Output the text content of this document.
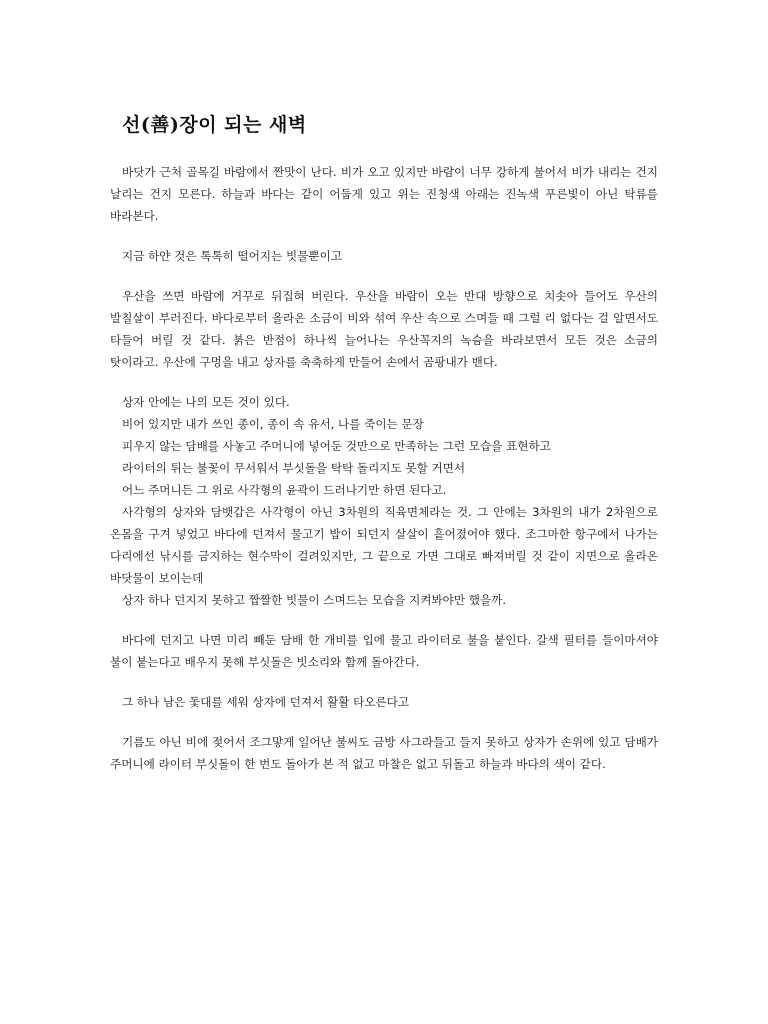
선(善)장이 되는 새벽

바닷가 근처 골목길 바람에서 짠맛이 난다. 비가 오고 있지만 바람이 너무 강하게 불어서 비가 내리는 건지 날리는 건지 모른다. 하늘과 바다는 같이 어둡게 있고 위는 진청색 아래는 진녹색 푸른빛이 아닌 탁류를 바라본다.

지금 하얀 것은 톡톡히 떨어지는 빗물뿐이고

우산을 쓰면 바람에 거꾸로 뒤집혀 버린다. 우산을 바람이 오는 반대 방향으로 치솟아 들어도 우산의 발칠살이 부러진다. 바다로부터 올라온 소금이 비와 섞여 우산 속으로 스며들 때 그럴 리 없다는 걸 알면서도 타들어 버릴 것 같다. 붉은 반점이 하나씩 늘어나는 우산꼭지의 녹슴을 바라보면서 모든 것은 소금의 탓이라고. 우산에 구멍을 내고 상자를 축축하게 만들어 손에서 곰팡내가 밴다.

상자 안에는 나의 모든 것이 있다.

비어 있지만 내가 쓰인 종이, 종이 속 유서, 나를 죽이는 문장

피우지 않는 담배를 사놓고 주머니에 넣어둔 것만으로 만족하는 그런 모습을 표현하고

라이터의 튀는 불꽃이 무서워서 부싯돌을 탁탁 돌리지도 못할 거면서

어느 주머니든 그 위로 사각형의 윤곽이 드러나기만 하면 된다고.

사각형의 상자와 담뱃갑은 사각형이 아닌 3차원의 직육면체라는 것. 그 안에는 3차원의 내가 2차원으로 온몸을 구겨 넣었고 바다에 던져서 물고기 밥이 되던지 살살이 흩어졌어야 했다. 조그마한 항구에서 나가는 다리에선 낚시를 금지하는 현수막이 걸려있지만, 그 끝으로 가면 그대로 빠져버릴 것 같이 지면으로 올라온 바닷물이 보이는데

상자 하나 던지지 못하고 짭짤한 빗물이 스며드는 모습을 지켜봐야만 했을까.

바다에 던지고 나면 미리 빼둔 담배 한 개비를 입에 물고 라이터로 불을 붙인다. 갈색 필터를 들이마셔야 불이 붙는다고 배우지 못해 부싯돌은 빗소리와 함께 돌아간다.

그 하나 남은 돛대를 세워 상자에 던져서 활활 타오른다고

기름도 아닌 비에 젖어서 조그맣게 일어난 불씨도 금방 사그라들고 들지 못하고 상자가 손위에 있고 담배가 주머니에 라이터 부싯돌이 한 번도 돌아가 본 적 없고 마찰은 없고 뒤돌고 하늘과 바다의 색이 같다.
